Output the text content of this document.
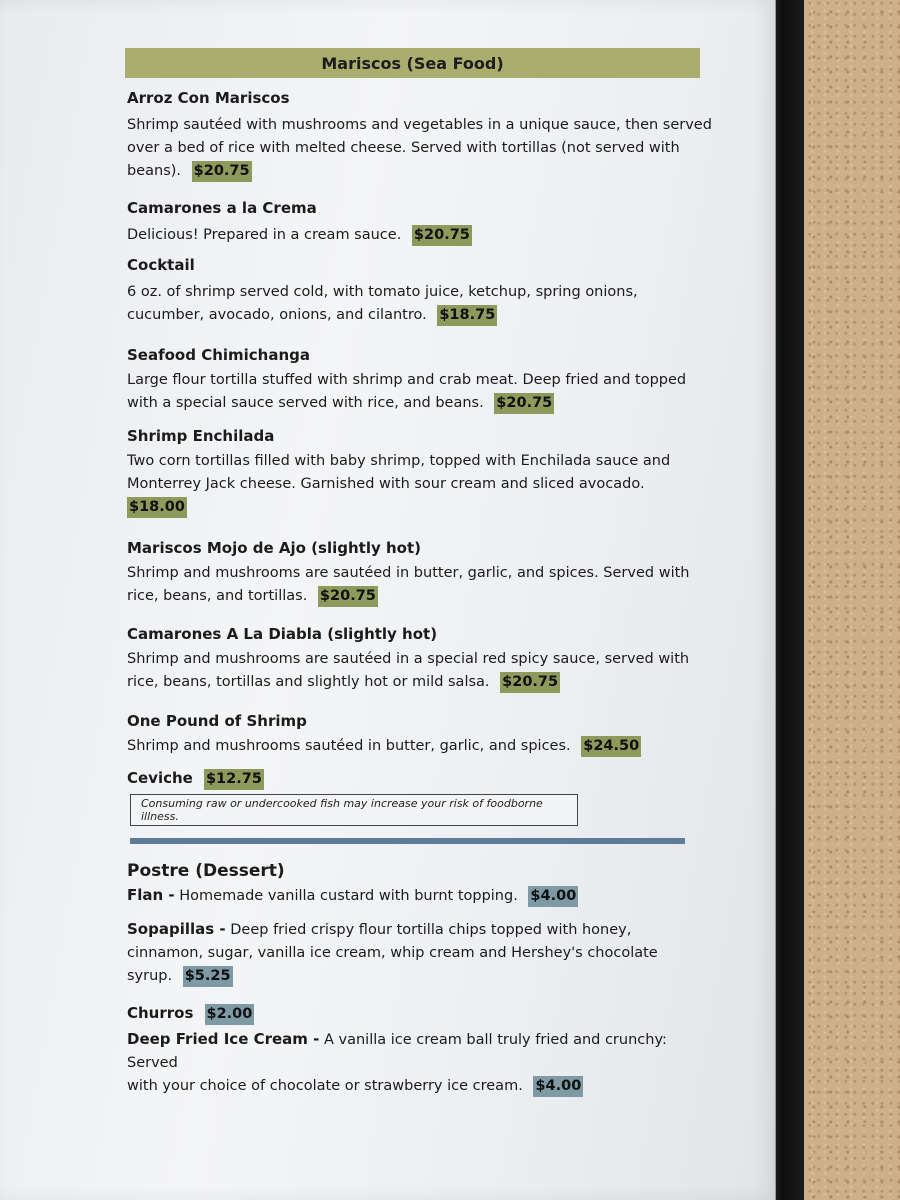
Mariscos (Sea Food)
Arroz Con Mariscos
Shrimp sautéed with mushrooms and vegetables in a unique sauce, then served
over a bed of rice with melted cheese. Served with tortillas (not served with
beans). $20.75
Camarones a la Crema
Delicious! Prepared in a cream sauce. $20.75
Cocktail
6 oz. of shrimp served cold, with tomato juice, ketchup, spring onions,
cucumber, avocado, onions, and cilantro. $18.75
Seafood Chimichanga
Large flour tortilla stuffed with shrimp and crab meat. Deep fried and topped
with a special sauce served with rice, and beans. $20.75
Shrimp Enchilada
Two corn tortillas filled with baby shrimp, topped with Enchilada sauce and
Monterrey Jack cheese. Garnished with sour cream and sliced avocado.
$18.00
Mariscos Mojo de Ajo (slightly hot)
Shrimp and mushrooms are sautéed in butter, garlic, and spices. Served with
rice, beans, and tortillas. $20.75
Camarones A La Diabla (slightly hot)
Shrimp and mushrooms are sautéed in a special red spicy sauce, served with
rice, beans, tortillas and slightly hot or mild salsa. $20.75
One Pound of Shrimp
Shrimp and mushrooms sautéed in butter, garlic, and spices. $24.50
Ceviche $12.75
Consuming raw or undercooked fish may increase your risk of foodborne illness.
Postre (Dessert)
Flan - Homemade vanilla custard with burnt topping. $4.00
Sopapillas - Deep fried crispy flour tortilla chips topped with honey,
cinnamon, sugar, vanilla ice cream, whip cream and Hershey's chocolate
syrup. $5.25
Churros $2.00
Deep Fried Ice Cream - A vanilla ice cream ball truly fried and crunchy: Served
with your choice of chocolate or strawberry ice cream. $4.00
